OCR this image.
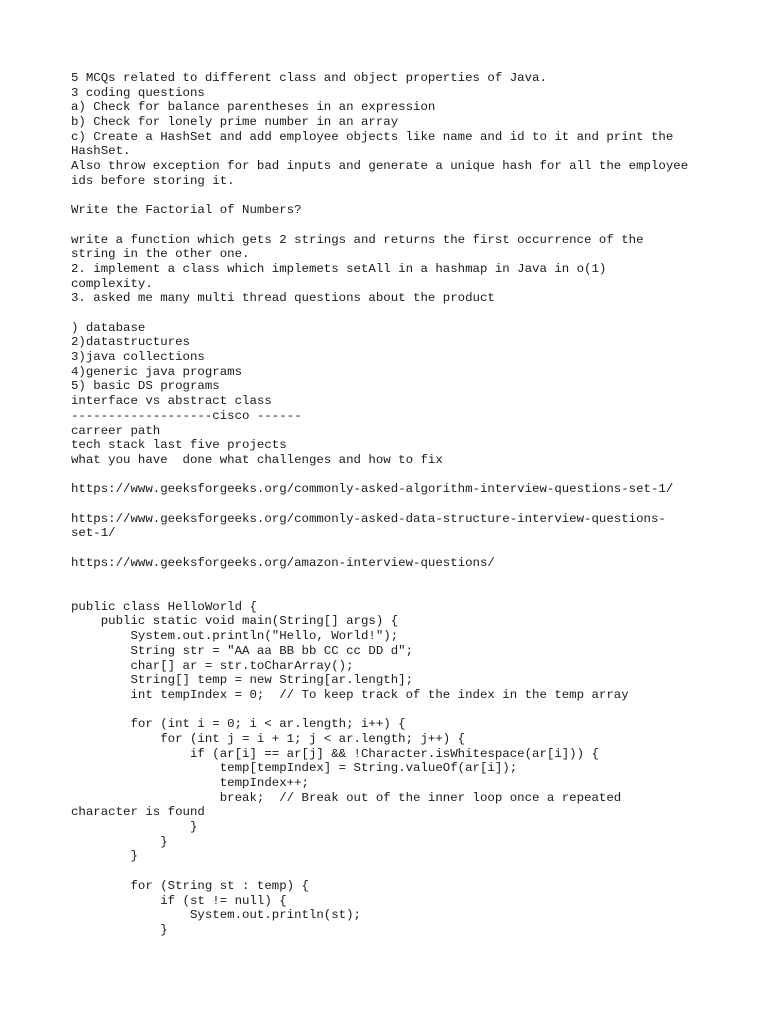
5 MCQs related to different class and object properties of Java.
3 coding questions
a) Check for balance parentheses in an expression
b) Check for lonely prime number in an array
c) Create a HashSet and add employee objects like name and id to it and print the
HashSet.
Also throw exception for bad inputs and generate a unique hash for all the employee
ids before storing it.
Write the Factorial of Numbers?
write a function which gets 2 strings and returns the first occurrence of the
string in the other one.
2. implement a class which implemets setAll in a hashmap in Java in o(1)
complexity.
3. asked me many multi thread questions about the product
) database
2)datastructures
3)java collections
4)generic java programs
5) basic DS programs
interface vs abstract class
-------------------cisco ------
carreer path
tech stack last five projects
what you have  done what challenges and how to fix
https://www.geeksforgeeks.org/commonly-asked-algorithm-interview-questions-set-1/
https://www.geeksforgeeks.org/commonly-asked-data-structure-interview-questions-
set-1/
https://www.geeksforgeeks.org/amazon-interview-questions/
public class HelloWorld {
public static void main(String[] args) {
System.out.println("Hello, World!");
String str = "AA aa BB bb CC cc DD d";
char[] ar = str.toCharArray();
String[] temp = new String[ar.length];
int tempIndex = 0;  // To keep track of the index in the temp array
for (int i = 0; i < ar.length; i++) {
for (int j = i + 1; j < ar.length; j++) {
if (ar[i] == ar[j] && !Character.isWhitespace(ar[i])) {
temp[tempIndex] = String.valueOf(ar[i]);
tempIndex++;
break;  // Break out of the inner loop once a repeated
character is found
}
}
}
for (String st : temp) {
if (st != null) {
System.out.println(st);
}
